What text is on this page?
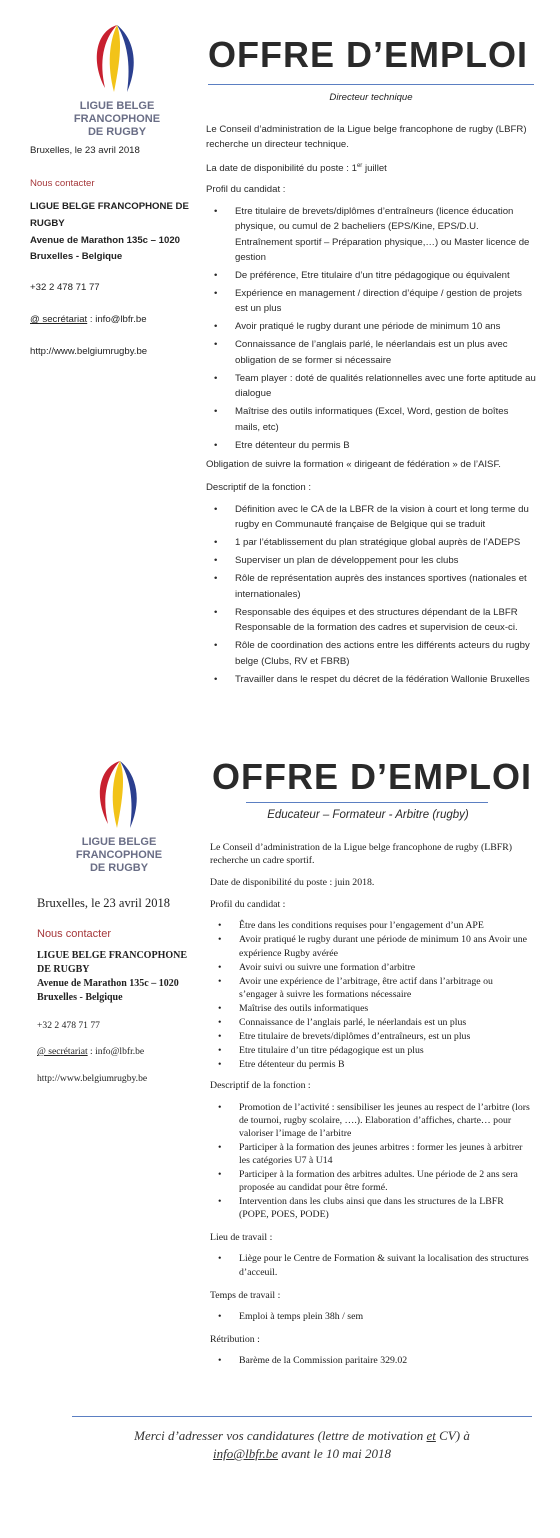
LIGUE BELGE
FRANCOPHONE
DE RUGBY
OFFRE D’EMPLOI
Directeur technique

Bruxelles, le 23 avril 2018

Nous contacter

LIGUE BELGE FRANCOPHONE DE

RUGBY

Avenue de Marathon 135c – 1020

Bruxelles - Belgique

+32 2 478 71 77

@ secrétariat : info@lbfr.be

http://www.belgiumrugby.be

Le Conseil d’administration de la Ligue belge francophone de rugby (LBFR) recherche un directeur technique.

La date de disponibilité du poste : 1er juillet

Profil du candidat :

• Etre titulaire de brevets/diplômes d’entraîneurs (licence éducation physique, ou cumul de 2 bacheliers (EPS/Kine, EPS/D.U. Entraînement sportif – Préparation physique,…) ou Master licence de gestion
• De préférence, Etre titulaire d’un titre pédagogique ou équivalent
• Expérience en management / direction d’équipe / gestion de projets est un plus
• Avoir pratiqué le rugby durant une période de minimum 10 ans
• Connaissance de l’anglais parlé, le néerlandais est un plus avec obligation de se former si nécessaire
• Team player : doté de qualités relationnelles avec une forte aptitude au dialogue
• Maîtrise des outils informatiques (Excel, Word, gestion de boîtes mails, etc)
• Etre détenteur du permis B

Obligation de suivre la formation « dirigeant de fédération » de l’AISF.

Descriptif de la fonction :

• Définition avec le CA de la LBFR de la vision à court et long terme du rugby en Communauté française de Belgique qui se traduit
• 1 par l’établissement du plan stratégique global auprès de l’ADEPS
• Superviser un plan de développement pour les clubs
• Rôle de représentation auprès des instances sportives (nationales et internationales)
• Responsable des équipes et des structures dépendant de la LBFR Responsable de la formation des cadres et supervision de ceux-ci.
• Rôle de coordination des actions entre les différents acteurs du rugby belge (Clubs, RV et FBRB)
• Travailler dans le respet du décret de la fédération Wallonie Bruxelles
LIGUE BELGE
FRANCOPHONE
DE RUGBY
OFFRE D’EMPLOI
Educateur – Formateur - Arbitre (rugby)

Bruxelles, le 23 avril 2018

Nous contacter

LIGUE BELGE FRANCOPHONE

DE RUGBY

Avenue de Marathon 135c – 1020

Bruxelles - Belgique

+32 2 478 71 77

@ secrétariat : info@lbfr.be

http://www.belgiumrugby.be

Le Conseil d’administration de la Ligue belge francophone de rugby (LBFR) recherche un cadre sportif.

Date de disponibilité du poste : juin 2018.

Profil du candidat :

• Être dans les conditions requises pour l’engagement d’un APE
• Avoir pratiqué le rugby durant une période de minimum 10 ans Avoir une expérience Rugby avérée
• Avoir suivi ou suivre une formation d’arbitre
• Avoir une expérience de l’arbitrage, être actif dans l’arbitrage ou s’engager à suivre les formations nécessaire
• Maîtrise des outils informatiques
• Connaissance de l’anglais parlé, le néerlandais est un plus
• Etre titulaire de brevets/diplômes d’entraîneurs, est un plus
• Etre titulaire d’un titre pédagogique est un plus
• Etre détenteur du permis B

Descriptif de la fonction :

• Promotion de l’activité : sensibiliser les jeunes au respect de l’arbitre (lors de tournoi, rugby scolaire, ….). Elaboration d’affiches, charte… pour valoriser l’image de l’arbitre
• Participer à la formation des jeunes arbitres : former les jeunes à arbitrer les catégories U7 à U14
• Participer à la formation des arbitres adultes. Une période de 2 ans sera proposée au candidat pour être formé.
• Intervention dans les clubs ainsi que dans les structures de la LBFR (POPE, POES, PODE)

Lieu de travail :

• Liège pour le Centre de Formation & suivant la localisation des structures d’acceuil.

Temps de travail :

• Emploi à temps plein 38h / sem

Rétribution :

• Barème de la Commission paritaire 329.02
Merci d’adresser vos candidatures (lettre de motivation et CV) à
info@lbfr.be avant le 10 mai 2018
